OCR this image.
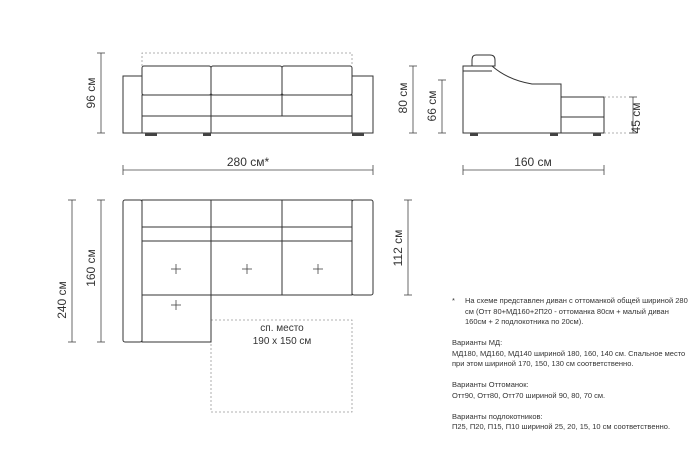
96 см
280 см*
80 см 66 см	45 см
160 см
240 см
160 см
112 см
сп. место
190 х 150 см
*	На схеме представлен диван с оттоманкой общей шириной 280 см (Отт 80+МД160+2П20 - оттоманка 80см + малый диван 160см + 2 подлокотника по 20см).
Варианты МД:
МД180, МД160, МД140 шириной 180, 160, 140 см. Спальное место при этом шириной 170, 150, 130 см соответственно.
Варианты Оттоманок:
Отт90, Отт80, Отт70 шириной 90, 80, 70 см.
Варианты подлокотников:
П25, П20, П15, П10 шириной 25, 20, 15, 10 см соответственно.
